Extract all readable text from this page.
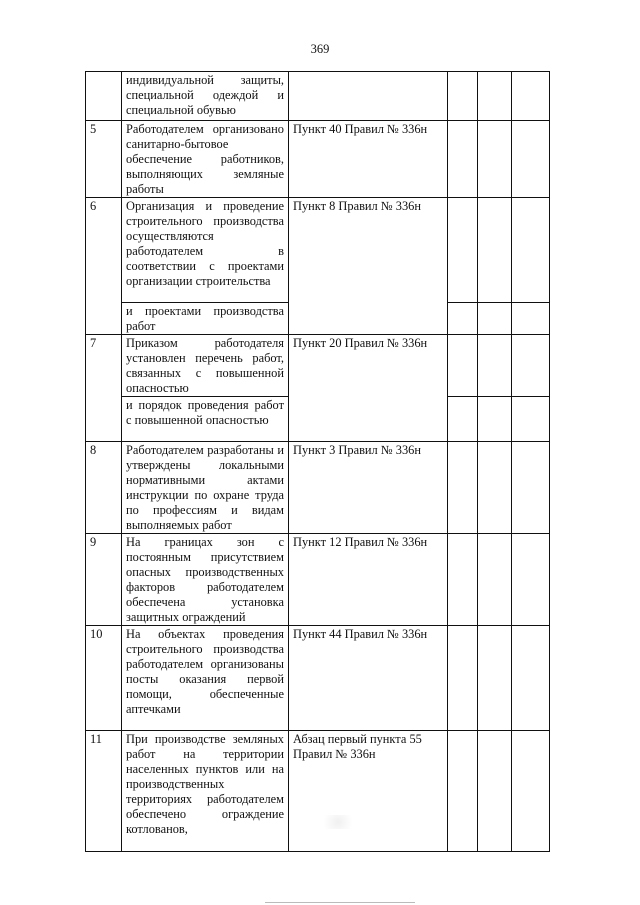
369
	индивидуальной защиты, специальной одеждой и специальной обувью				
5	Работодателем организовано санитарно-бытовое обеспечение работников, выполняющих земляные работы	Пункт 40 Правил № 336н			
6	Организация и проведение строительного производства осуществляются работодателем в соответствии с проектами организации строительства	Пункт 8 Правил № 336н			
	и проектами производства работ				
7	Приказом работодателя установлен перечень работ, связанных с повышенной опасностью	Пункт 20 Правил № 336н			
	и порядок проведения работ с повышенной опасностью				
8	Работодателем разработаны и утверждены локальными нормативными актами инструкции по охране труда по профессиям и видам выполняемых работ	Пункт 3 Правил № 336н			
9	На границах зон с постоянным присутствием опасных производственных факторов работодателем обеспечена установка защитных ограждений	Пункт 12 Правил № 336н			
10	На объектах проведения строительного производства работодателем организованы посты оказания первой помощи, обеспеченные аптечками	Пункт 44 Правил № 336н			
11	При производстве земляных работ на территории населенных пунктов или на производственных территориях работодателем обеспечено ограждение котлованов,	Абзац первый пункта 55 Правил № 336н			
